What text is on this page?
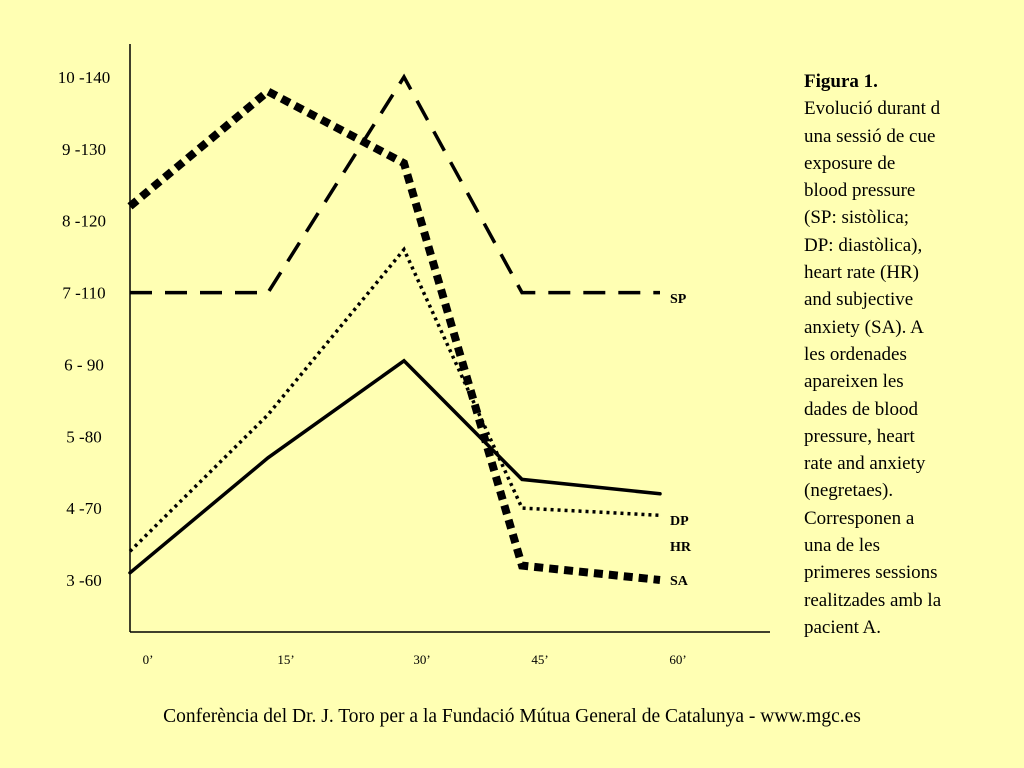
10 -140
9 -130
8 -120
7 -110
6 - 90
5 -80
4 -70
3 -60
0’	15’	30’	45’	60’
SP
SA
DP
HR
Figura 1.
Evolució durant d
una sessió de cue
exposure de
blood pressure
(SP: sistòlica;
DP: diastòlica),
heart rate (HR)
and subjective
anxiety (SA). A
les ordenades
apareixen les
dades de blood
pressure, heart
rate and anxiety
(negretaes).
Corresponen a
una de les
primeres sessions
realitzades amb la
pacient A.
Conferència del Dr. J. Toro per a la Fundació Mútua General de Catalunya - www.mgc.es
